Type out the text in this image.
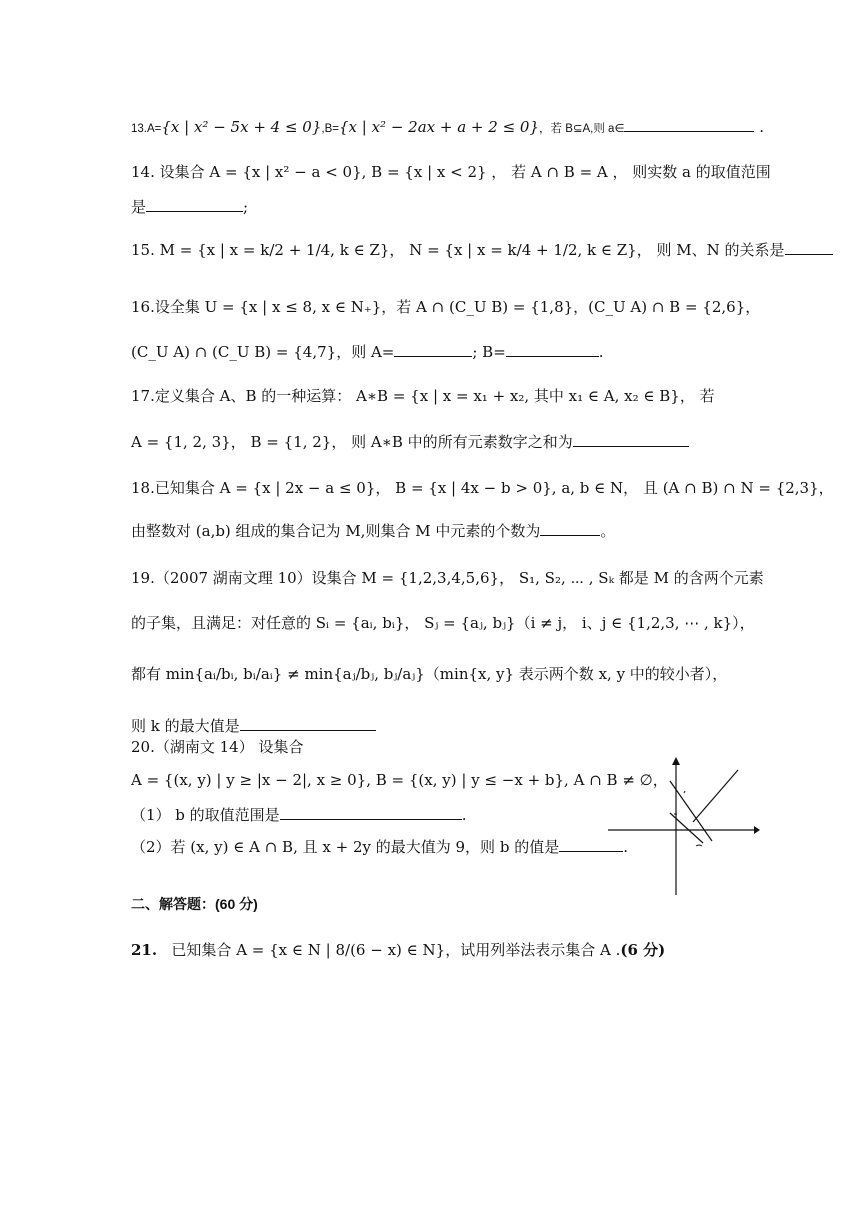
13.A={x | x² − 5x + 4 ≤ 0},B={x | x² − 2ax + a + 2 ≤ 0}，若 B⊆A,则 a∈	.
14. 设集合 A = {x | x² − a < 0}, B = {x | x < 2} ， 若 A ∩ B = A ， 则实数 a 的取值范围
是	;
15. M = {x | x = k/2 + 1/4, k ∈ Z}， N = {x | x = k/4 + 1/2, k ∈ Z}， 则 M、N 的关系是
16.设全集 U = {x | x ≤ 8, x ∈ N₊}，若 A ∩ (C_U B) = {1,8}，(C_U A) ∩ B = {2,6}，
(C_U A) ∩ (C_U B) = {4,7}，则 A=	; B=	.
17.定义集合 A、B 的一种运算： A∗B = {x | x = x₁ + x₂, 其中 x₁ ∈ A, x₂ ∈ B}， 若
A = {1, 2, 3}， B = {1, 2}， 则 A∗B 中的所有元素数字之和为
18.已知集合 A = {x | 2x − a ≤ 0}， B = {x | 4x − b > 0}, a, b ∈ N， 且 (A ∩ B) ∩ N = {2,3}，
由整数对 (a,b) 组成的集合记为 M,则集合 M 中元素的个数为	。
19.（2007 湖南文理 10）设集合 M = {1,2,3,4,5,6}， S₁, S₂, ⋯ , Sₖ 都是 M 的含两个元素
的子集，且满足：对任意的 Sᵢ = {aᵢ, bᵢ}， Sⱼ = {aⱼ, bⱼ}（i ≠ j， i、j ∈ {1,2,3, ⋯ , k}），
都有 min{aᵢ/bᵢ, bᵢ/aᵢ} ≠ min{aⱼ/bⱼ, bⱼ/aⱼ}（min{x, y} 表示两个数 x, y 中的较小者），
则 k 的最大值是
20.（湖南文 14） 设集合
A = {(x, y) | y ≥ |x − 2|, x ≥ 0}, B = {(x, y) | y ≤ −x + b}, A ∩ B ≠ ∅，
（1） b 的取值范围是	.
（2）若 (x, y) ∈ A ∩ B, 且 x + 2y 的最大值为 9，则 b 的值是	.
二、解答题：(60 分)
21. 已知集合 A = {x ∈ N | 8/(6 − x) ∈ N}，试用列举法表示集合 A .(6 分)
